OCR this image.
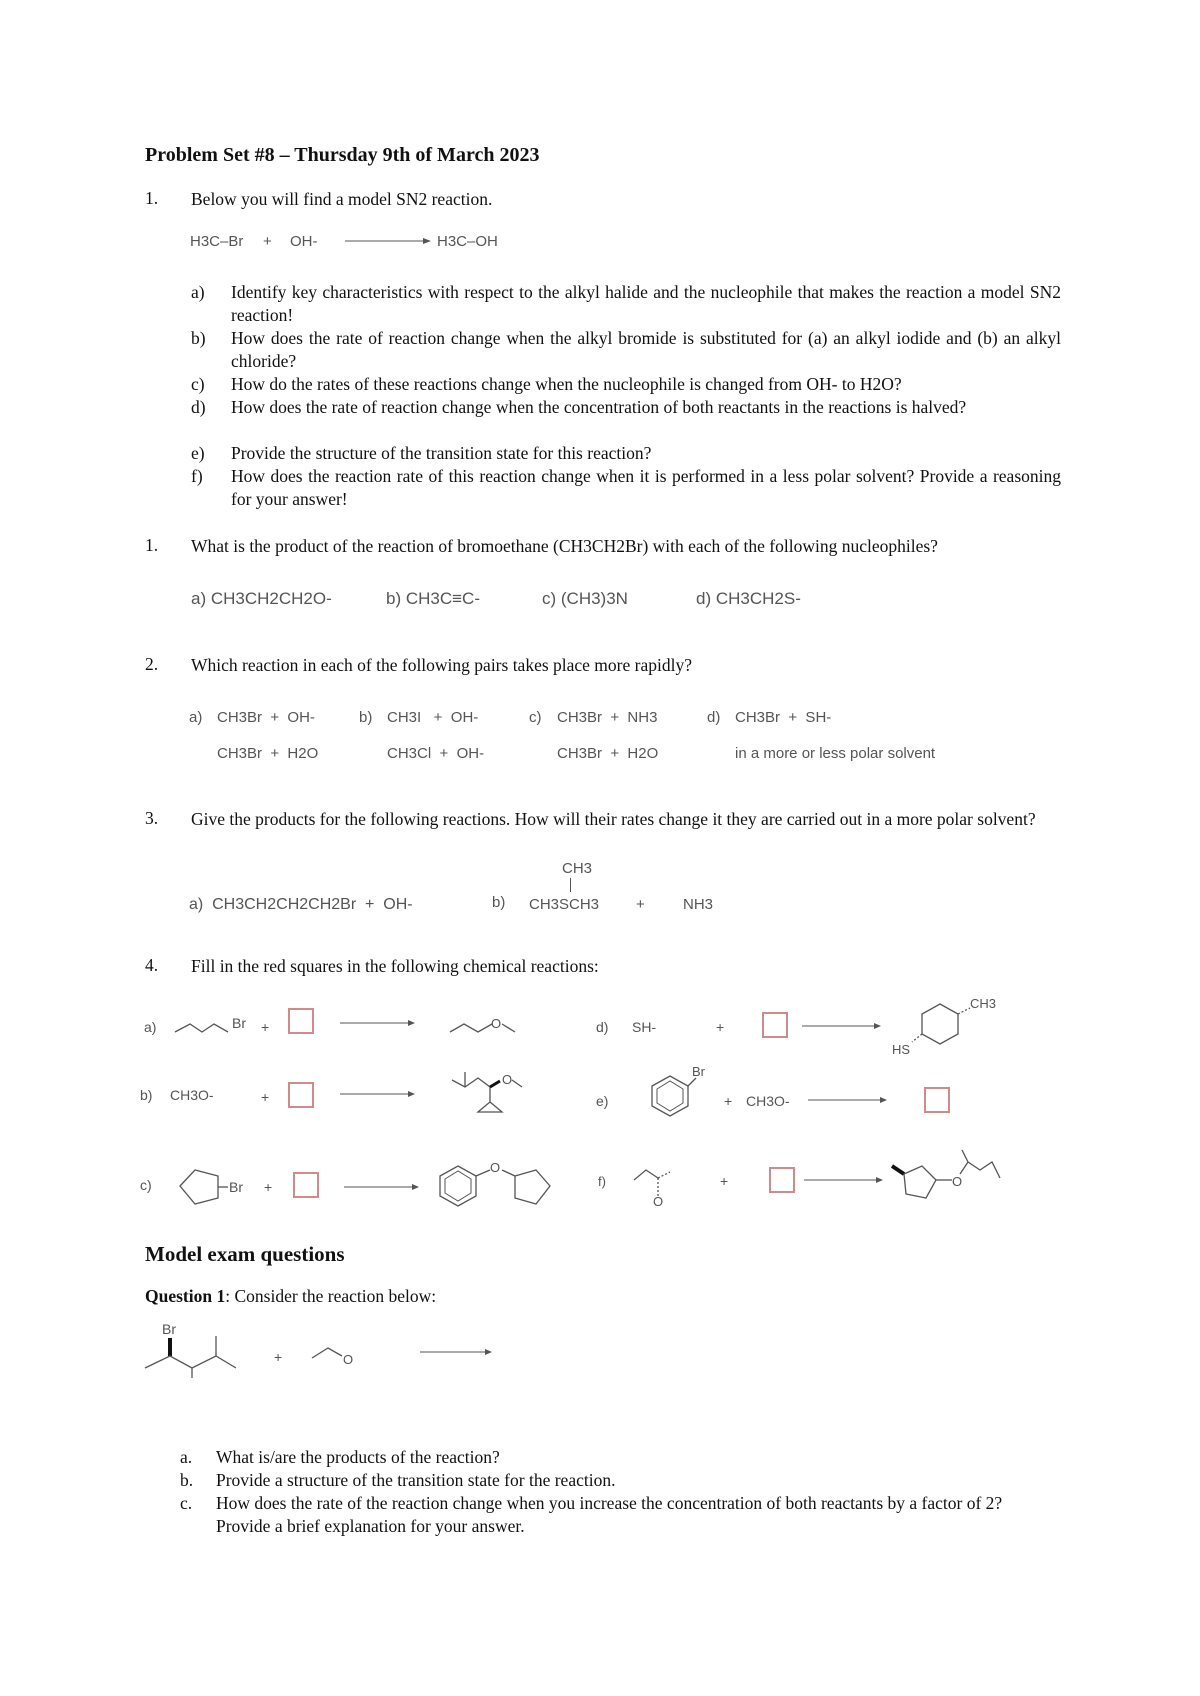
Problem Set #8 – Thursday 9th of March 2023
1. Below you will find a model SN2 reaction.
H3C–Br + OH-	H3C–OH
a) Identify key characteristics with respect to the alkyl halide and the nucleophile that makes the reaction a model SN2 reaction!
b) How does the rate of reaction change when the alkyl bromide is substituted for (a) an alkyl iodide and (b) an alkyl chloride?
c) How do the rates of these reactions change when the nucleophile is changed from OH- to H2O?
d) How does the rate of reaction change when the concentration of both reactants in the reactions is halved?
e) Provide the structure of the transition state for this reaction?
f) How does the reaction rate of this reaction change when it is performed in a less polar solvent? Provide a reasoning for your answer!
1. What is the product of the reaction of bromoethane (CH3CH2Br) with each of the following nucleophiles?
a) CH3CH2CH2O-	b) CH3C≡C-	c) (CH3)3N	d) CH3CH2S-
2. Which reaction in each of the following pairs takes place more rapidly?
a) CH3Br  +  OH-
CH3Br  +  H2O
b) CH3I   +  OH-
CH3Cl  +  OH-
c) CH3Br  +  NH3
CH3Br  +  H2O
d) CH3Br  +  SH-
in a more or less polar solvent
3. Give the products for the following reactions. How will their rates change it they are carried out in a more polar solvent?
a)  CH3CH2CH2CH2Br  +  OH-	b)
CH3
CH3SCH3 +	NH3
4. Fill in the red squares in the following chemical reactions:
a)	Br +	O
b) CH3O-	+
O
c)	Br +
O
d) SH-	+
CH3
HS
e)
Br
+ CH3O-
f)
O
+	O
Model exam questions
Question 1: Consider the reaction below:
Br
+	O
a. What is/are the products of the reaction?
b. Provide a structure of the transition state for the reaction.
c. How does the rate of the reaction change when you increase the concentration of both reactants by a factor of 2? Provide a brief explanation for your answer.
